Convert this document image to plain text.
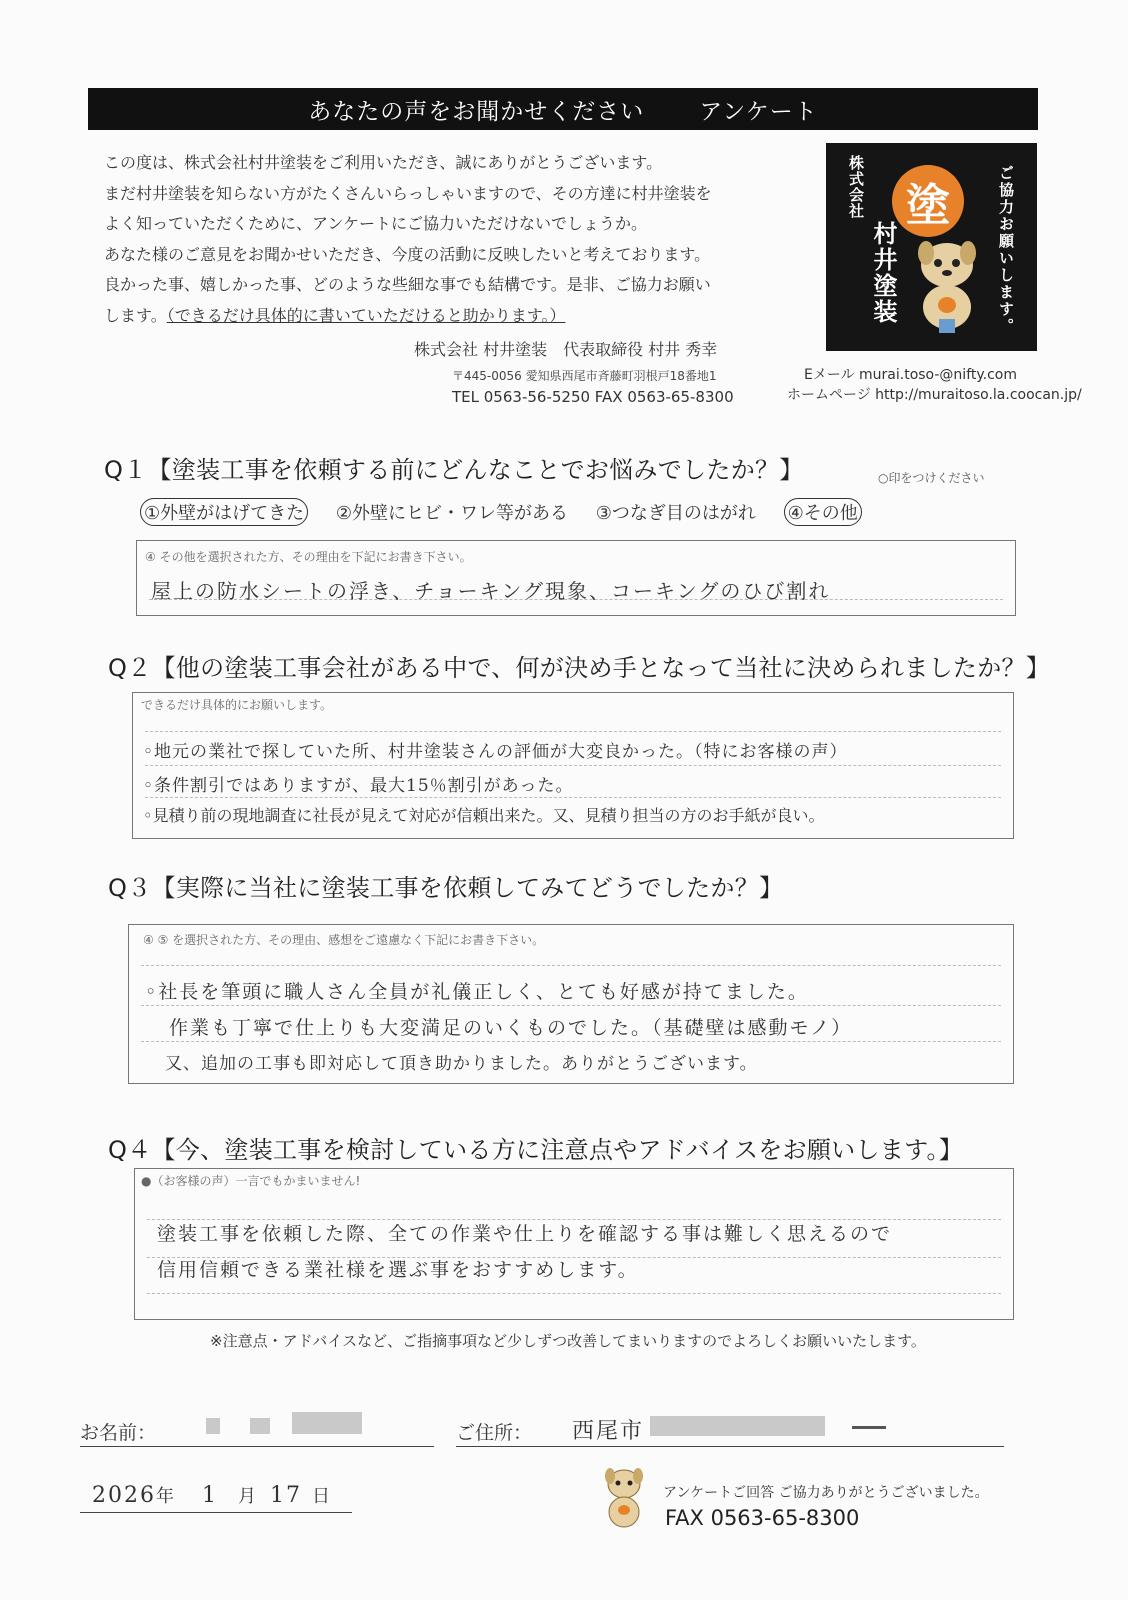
あなたの声をお聞かせください アンケート
この度は、株式会社村井塗装をご利用いただき、誠にありがとうございます。
まだ村井塗装を知らない方がたくさんいらっしゃいますので、その方達に村井塗装を
よく知っていただくために、アンケートにご協力いただけないでしょうか。
あなた様のご意見をお聞かせいただき、今度の活動に反映したいと考えております。
良かった事、嬉しかった事、どのような些細な事でも結構です。是非、ご協力お願い
します。（できるだけ具体的に書いていただけると助かります。）
株式会社
村井塗装
塗	ご協力お願いします。
株式会社 村井塗装　代表取締役 村井 秀幸
〒445-0056 愛知県西尾市斉藤町羽根戸18番地1
TEL 0563-56-5250 FAX 0563-65-8300
Eメール murai.toso-@nifty.com
ホームページ http://muraitoso.la.coocan.jp/
Q１【塗装工事を依頼する前にどんなことでお悩みでしたか？】	○印をつけください
①外壁がはげてきた ②外壁にヒビ・ワレ等がある ③つなぎ目のはがれ ④その他
④ その他を選択された方、その理由を下記にお書き下さい。
屋上の防水シートの浮き、チョーキング現象、コーキングのひび割れ
Q２【他の塗装工事会社がある中で、何が決め手となって当社に決められましたか？】
できるだけ具体的にお願いします。
◦地元の業社で探していた所、村井塗装さんの評価が大変良かった。（特にお客様の声）
◦条件割引ではありますが、最大15％割引があった。
◦見積り前の現地調査に社長が見えて対応が信頼出来た。又、見積り担当の方のお手紙が良い。
Q３【実際に当社に塗装工事を依頼してみてどうでしたか？】
④ ⑤ を選択された方、その理由、感想をご遠慮なく下記にお書き下さい。
◦社長を筆頭に職人さん全員が礼儀正しく、とても好感が持てました。
作業も丁寧で仕上りも大変満足のいくものでした。（基礎壁は感動モノ）
又、追加の工事も即対応して頂き助かりました。ありがとうございます。
Q４【今、塗装工事を検討している方に注意点やアドバイスをお願いします。】
●（お客様の声）一言でもかまいません!
塗装工事を依頼した際、全ての作業や仕上りを確認する事は難しく思えるので
信用信頼できる業社様を選ぶ事をおすすめします。
※注意点・アドバイスなど、ご指摘事項など少しずつ改善してまいりますのでよろしくお願いいたします。
お名前：	ご住所： 西尾市
2026年 1 月 17 日	アンケートご回答 ご協力ありがとうございました。
FAX 0563-65-8300
